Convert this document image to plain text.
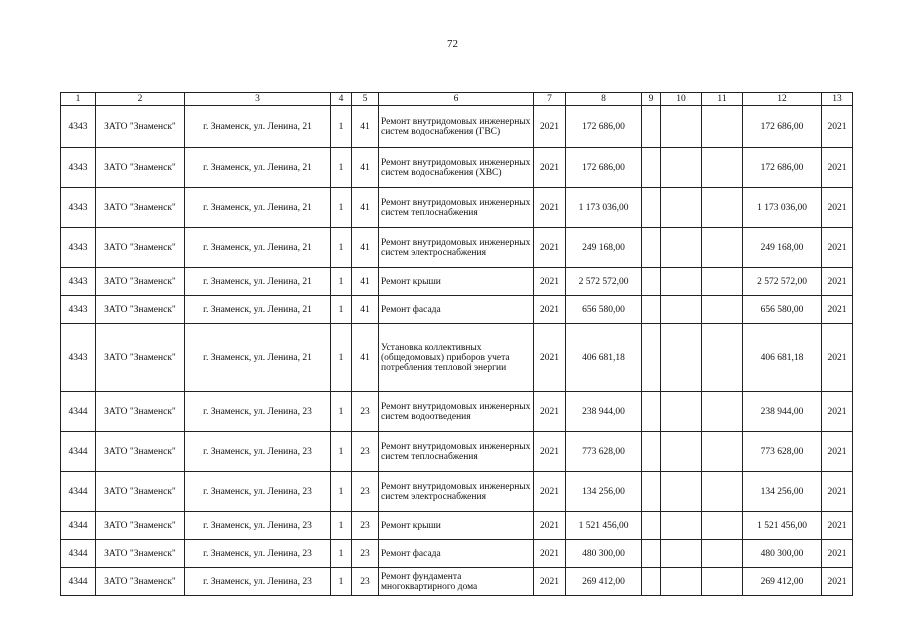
72
1	2	3	4	5	6	7	8	9	10	11	12	13
4343	ЗАТО "Знаменск"	г. Знаменск, ул. Ленина, 21	1	41	Ремонт внутридомовых инженерных систем водоснабжения (ГВС)	2021	172 686,00				172 686,00	2021
4343	ЗАТО "Знаменск"	г. Знаменск, ул. Ленина, 21	1	41	Ремонт внутридомовых инженерных систем водоснабжения (ХВС)	2021	172 686,00				172 686,00	2021
4343	ЗАТО "Знаменск"	г. Знаменск, ул. Ленина, 21	1	41	Ремонт внутридомовых инженерных систем теплоснабжения	2021	1 173 036,00				1 173 036,00	2021
4343	ЗАТО "Знаменск"	г. Знаменск, ул. Ленина, 21	1	41	Ремонт внутридомовых инженерных систем электроснабжения	2021	249 168,00				249 168,00	2021
4343	ЗАТО "Знаменск"	г. Знаменск, ул. Ленина, 21	1	41	Ремонт крыши	2021	2 572 572,00				2 572 572,00	2021
4343	ЗАТО "Знаменск"	г. Знаменск, ул. Ленина, 21	1	41	Ремонт фасада	2021	656 580,00				656 580,00	2021
4343	ЗАТО "Знаменск"	г. Знаменск, ул. Ленина, 21	1	41	Установка коллективных (общедомовых) приборов учета потребления тепловой энергии	2021	406 681,18				406 681,18	2021
4344	ЗАТО "Знаменск"	г. Знаменск, ул. Ленина, 23	1	23	Ремонт внутридомовых инженерных систем водоотведения	2021	238 944,00				238 944,00	2021
4344	ЗАТО "Знаменск"	г. Знаменск, ул. Ленина, 23	1	23	Ремонт внутридомовых инженерных систем теплоснабжения	2021	773 628,00				773 628,00	2021
4344	ЗАТО "Знаменск"	г. Знаменск, ул. Ленина, 23	1	23	Ремонт внутридомовых инженерных систем электроснабжения	2021	134 256,00				134 256,00	2021
4344	ЗАТО "Знаменск"	г. Знаменск, ул. Ленина, 23	1	23	Ремонт крыши	2021	1 521 456,00				1 521 456,00	2021
4344	ЗАТО "Знаменск"	г. Знаменск, ул. Ленина, 23	1	23	Ремонт фасада	2021	480 300,00				480 300,00	2021
4344	ЗАТО "Знаменск"	г. Знаменск, ул. Ленина, 23	1	23	Ремонт фундамента многоквартирного дома	2021	269 412,00				269 412,00	2021
